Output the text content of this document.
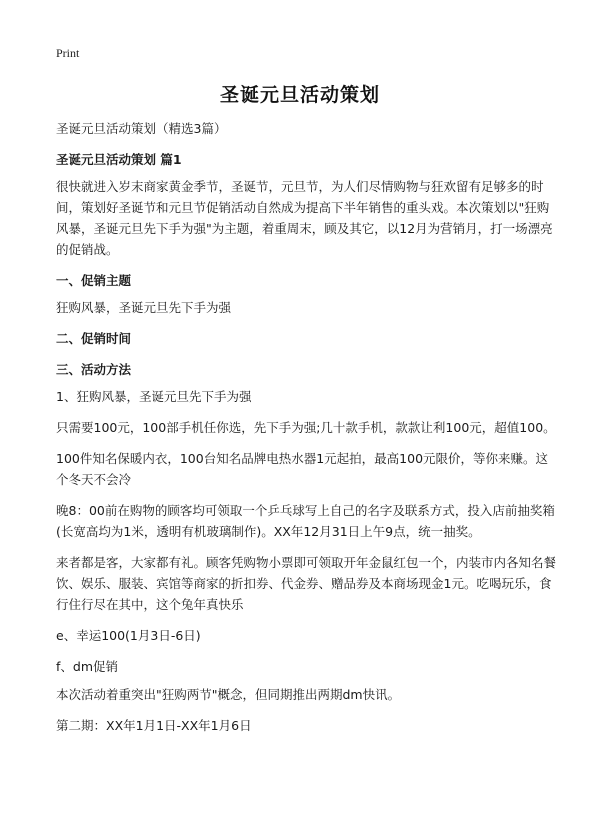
Print
圣诞元旦活动策划

圣诞元旦活动策划（精选3篇）

圣诞元旦活动策划 篇1

很快就进入岁末商家黄金季节，圣诞节，元旦节，为人们尽情购物与狂欢留有足够多的时间，策划好圣诞节和元旦节促销活动自然成为提高下半年销售的重头戏。本次策划以"狂购风暴，圣诞元旦先下手为强"为主题，着重周末，顾及其它，以12月为营销月，打一场漂亮的促销战。

一、促销主题

狂购风暴，圣诞元旦先下手为强

二、促销时间

三、活动方法

1、狂购风暴，圣诞元旦先下手为强

只需要100元，100部手机任你选，先下手为强;几十款手机，款款让利100元，超值100。

100件知名保暖内衣，100台知名品牌电热水器1元起拍，最高100元限价，等你来赚。这个冬天不会冷

晚8：00前在购物的顾客均可领取一个乒乓球写上自己的名字及联系方式，投入店前抽奖箱(长宽高均为1米，透明有机玻璃制作)。XX年12月31日上午9点，统一抽奖。

来者都是客，大家都有礼。顾客凭购物小票即可领取开年金鼠红包一个，内装市内各知名餐饮、娱乐、服装、宾馆等商家的折扣券、代金券、赠品券及本商场现金1元。吃喝玩乐，食行住行尽在其中，这个兔年真快乐

e、幸运100(1月3日-6日)

f、dm促销

本次活动着重突出"狂购两节"概念，但同期推出两期dm快讯。

第二期：XX年1月1日-XX年1月6日
